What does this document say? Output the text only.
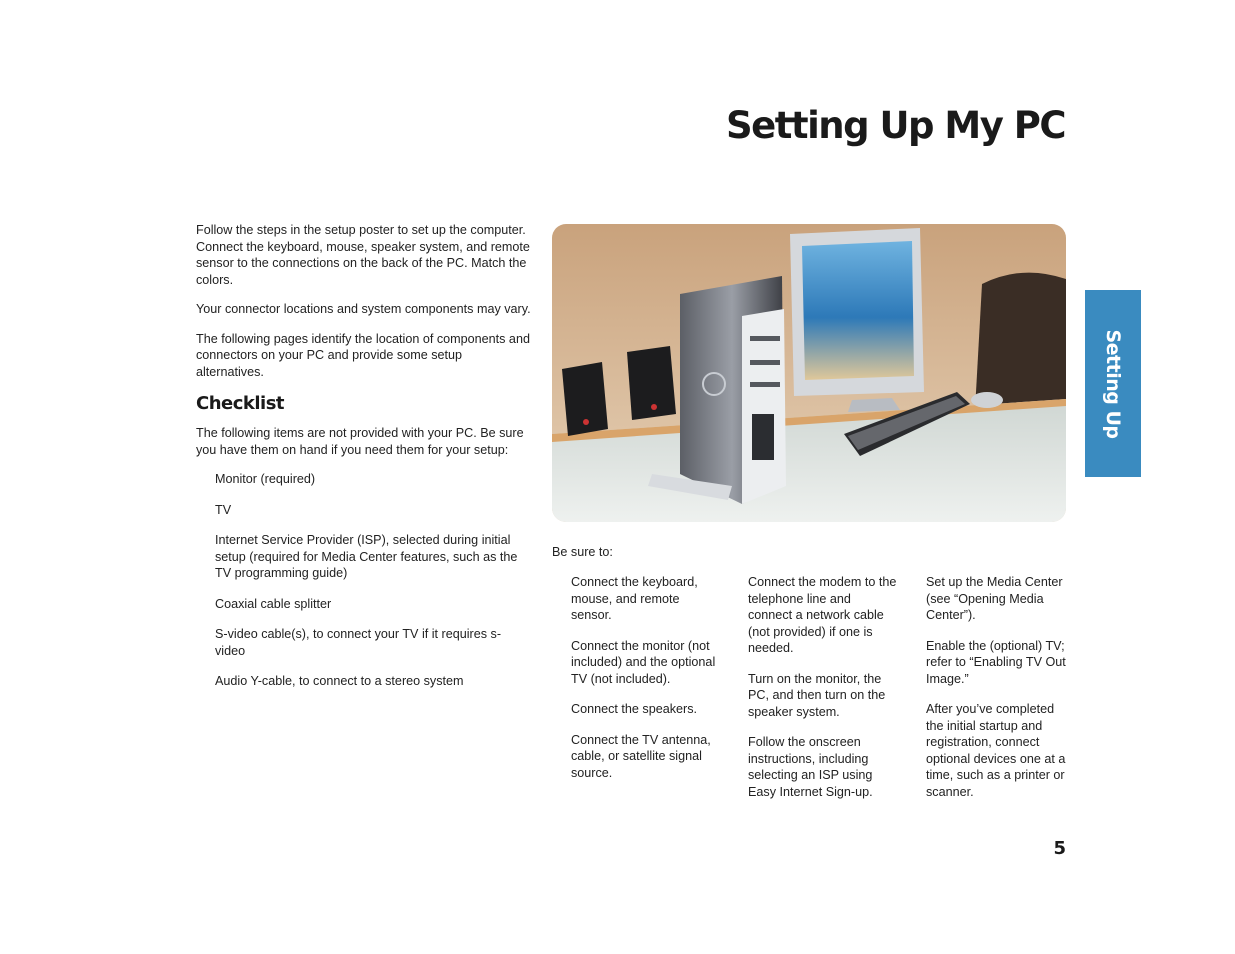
Setting Up My PC

Follow the steps in the setup poster to set up the computer. Connect the keyboard, mouse, speaker system, and remote sensor to the connections on the back of the PC. Match the colors.

Your connector locations and system components may vary.

The following pages identify the location of components and connectors on your PC and provide some setup alternatives.

Checklist

The following items are not provided with your PC. Be sure you have them on hand if you need them for your setup:

Monitor (required)
TV
Internet Service Provider (ISP), selected during initial setup (required for Media Center features, such as the TV programming guide)
Coaxial cable splitter
S-video cable(s), to connect your TV if it requires s-video
Audio Y-cable, to connect to a stereo system

Be sure to:

Connect the keyboard, mouse, and remote sensor.

Connect the monitor (not included) and the optional TV (not included).

Connect the speakers.

Connect the TV antenna, cable, or satellite signal source.

Connect the modem to the telephone line and connect a network cable (not provided) if one is needed.

Turn on the monitor, the PC, and then turn on the speaker system.

Follow the onscreen instructions, including selecting an ISP using Easy Internet Sign-up.

Set up the Media Center (see “Opening Media Center”).

Enable the (optional) TV; refer to “Enabling TV Out Image.”

After you’ve completed the initial startup and registration, connect optional devices one at a time, such as a printer or scanner.

Setting Up
5
